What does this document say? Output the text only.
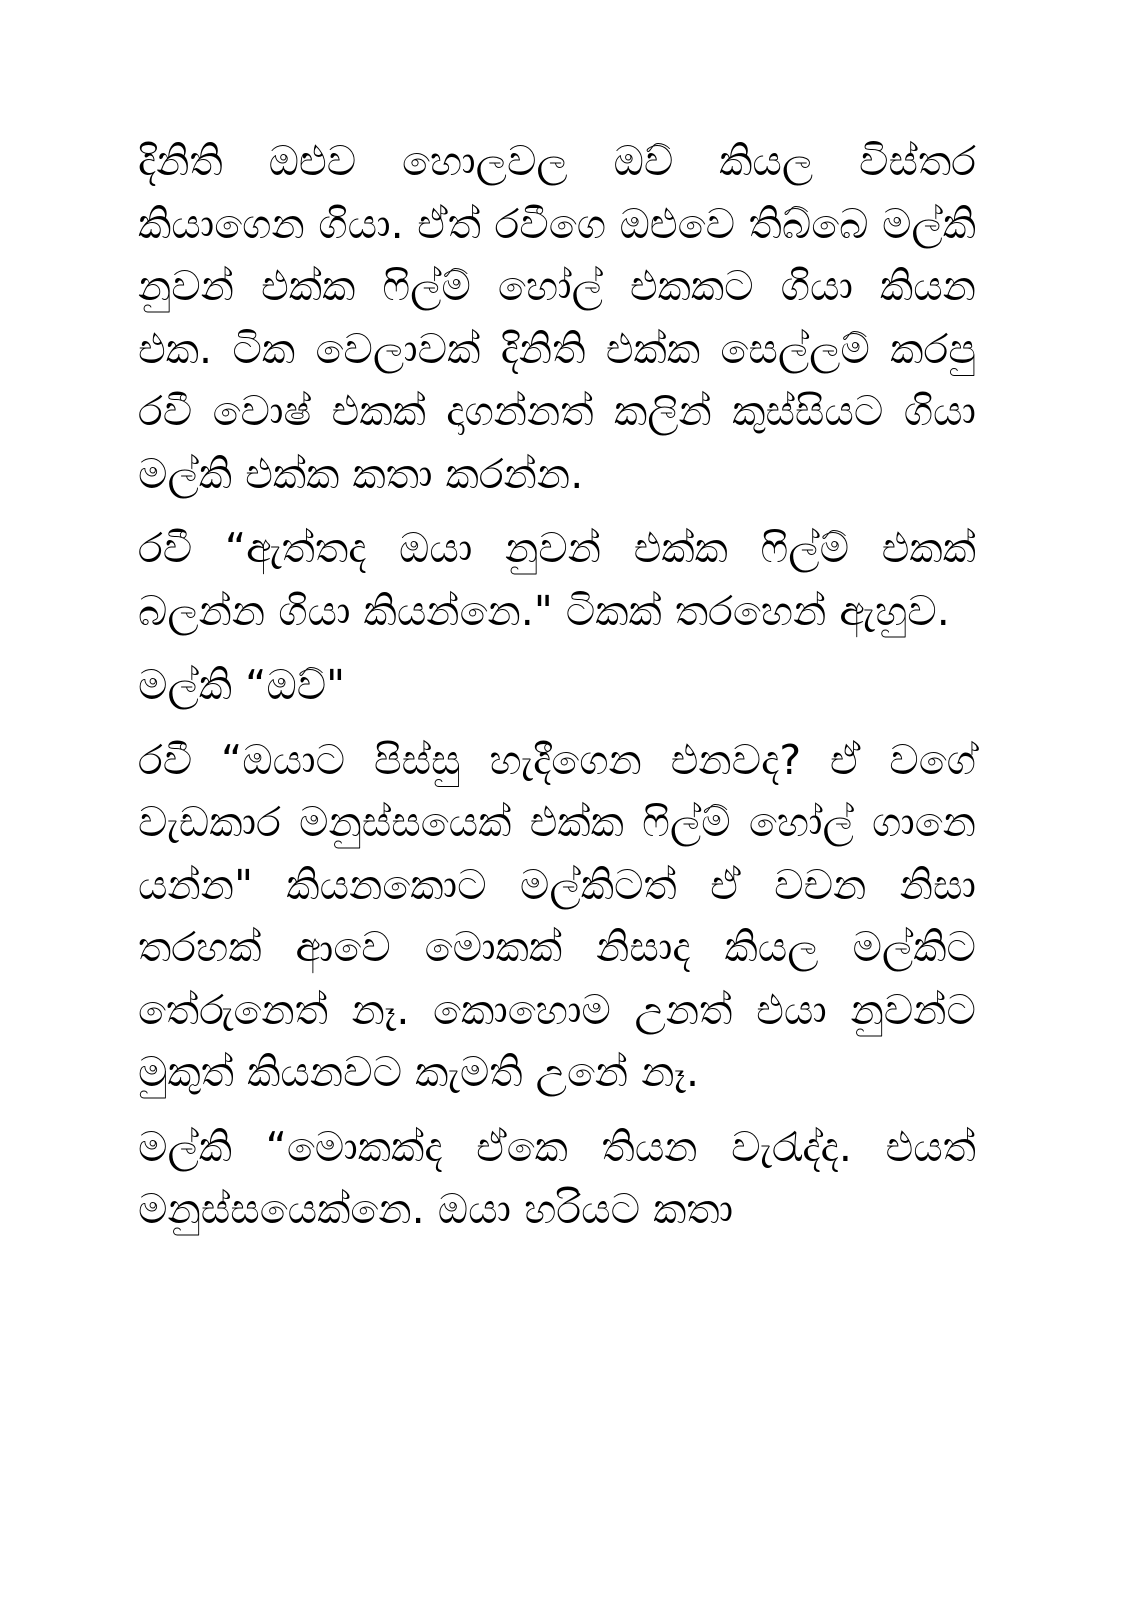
දිනිති ඔළුව හොලවල ඔව් කියල විස්තර කියාගෙන ගියා. ඒත් රවීගෙ ඔළුවෙ තිබ්බෙ මල්කි නුවන් එක්ක ෆිල්ම් හෝල් එකකට ගියා කියන එක. ටික වෙලාවක් දිනිති එක්ක සෙල්ලම් කරපු රවී වොෂ් එකක් දාගන්නත් කලින් කුස්සියට ගියා මල්කි එක්ක කතා කරන්න.

රවී “ඇත්තද ඔයා නුවන් එක්ක ෆිල්ම් එකක් බලන්න ගියා කියන්නෙ." ටිකක් තරහෙන් ඇහුව.

මල්කි “ඔව්"

රවී “ඔයාට පිස්සු හැදීගෙන එනවද? ඒ වගේ වැඩකාර මනුස්සයෙක් එක්ක ෆිල්ම් හෝල් ගානෙ යන්න" කියනකොට මල්කිටත් ඒ වචන නිසා තරහක් ආවෙ මොකක් නිසාද කියල මල්කිට තේරුනෙත් නෑ. කොහොම උනත් එයා නුවන්ට මුකුත් කියනවට කැමති උනේ නෑ.

මල්කි “මොකක්ද ඒකෙ තියන වැරැද්ද. එයත් මනුස්සයෙක්නෙ. ඔයා හරියට කතා
